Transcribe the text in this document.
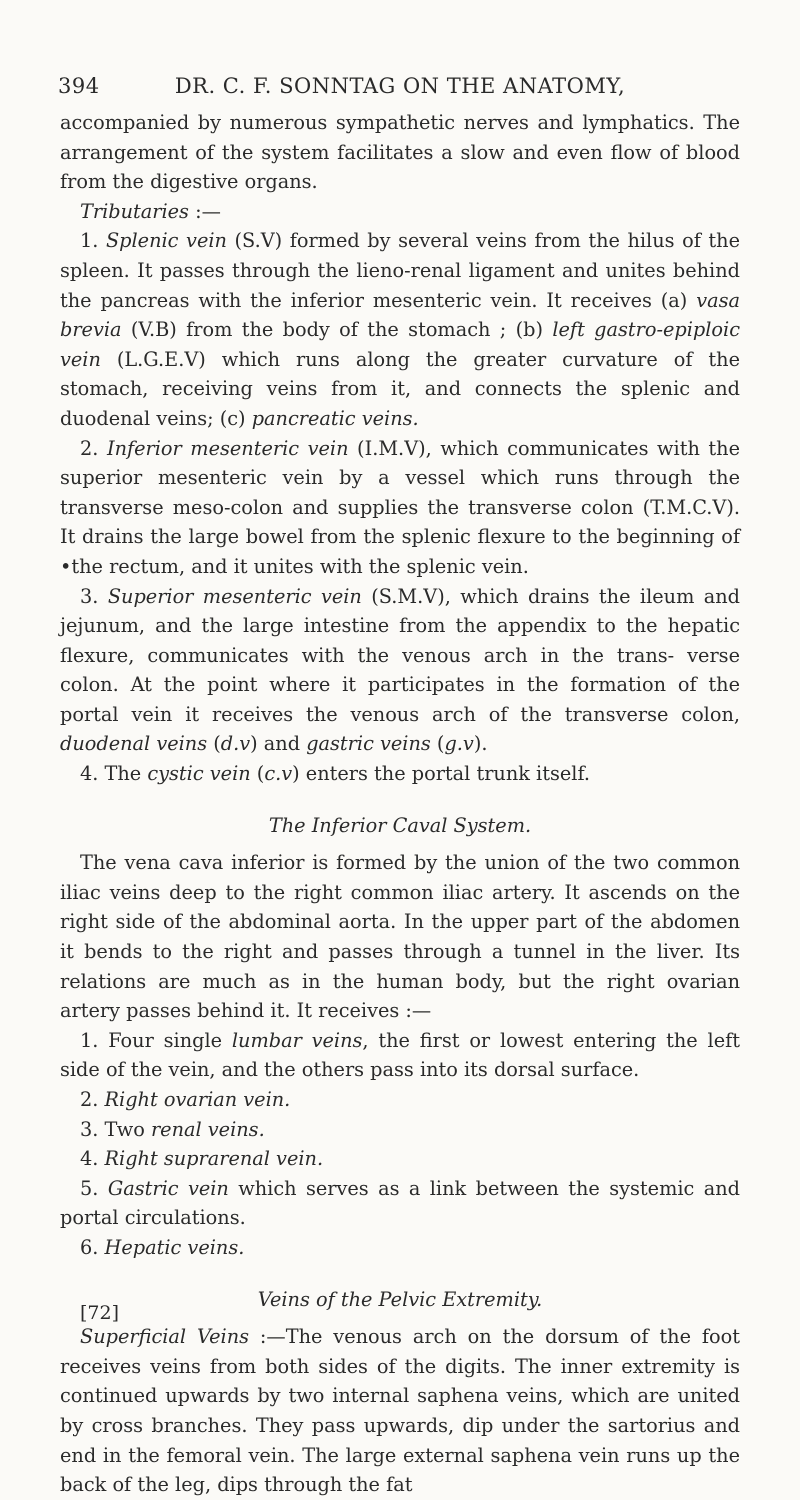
394	DR. C. F. SONNTAG ON THE ANATOMY,

accompanied by numerous sympathetic nerves and lymphatics. The arrangement of the system facilitates a slow and even flow of blood from the digestive organs.

Tributaries :—

1. Splenic vein (S.V) formed by several veins from the hilus of the spleen. It passes through the lieno-renal ligament and unites behind the pancreas with the inferior mesenteric vein. It receives (a) vasa brevia (V.B) from the body of the stomach ; (b) left gastro-epiploic vein (L.G.E.V) which runs along the greater curvature of the stomach, receiving veins from it, and connects the splenic and duodenal veins; (c) pancreatic veins.

2. Inferior mesenteric vein (I.M.V), which communicates with the superior mesenteric vein by a vessel which runs through the transverse meso-colon and supplies the transverse colon (T.M.C.V). It drains the large bowel from the splenic flexure to the beginning of •the rectum, and it unites with the splenic vein.

3. Superior mesenteric vein (S.M.V), which drains the ileum and jejunum, and the large intestine from the appendix to the hepatic flexure, communicates with the venous arch in the trans- verse colon. At the point where it participates in the formation of the portal vein it receives the venous arch of the transverse colon, duodenal veins (d.v) and gastric veins (g.v).

4. The cystic vein (c.v) enters the portal trunk itself.

The Inferior Caval System.

The vena cava inferior is formed by the union of the two common iliac veins deep to the right common iliac artery. It ascends on the right side of the abdominal aorta. In the upper part of the abdomen it bends to the right and passes through a tunnel in the liver. Its relations are much as in the human body, but the right ovarian artery passes behind it. It receives :—

1. Four single lumbar veins, the first or lowest entering the left side of the vein, and the others pass into its dorsal surface.

2. Right ovarian vein.

3. Two renal veins.

4. Right suprarenal vein.

5. Gastric vein which serves as a link between the systemic and portal circulations.

6. Hepatic veins.

Veins of the Pelvic Extremity.

Superficial Veins :—The venous arch on the dorsum of the foot receives veins from both sides of the digits. The inner extremity is continued upwards by two internal saphena veins, which are united by cross branches. They pass upwards, dip under the sartorius and end in the femoral vein. The large external saphena vein runs up the back of the leg, dips through the fat

[72]
